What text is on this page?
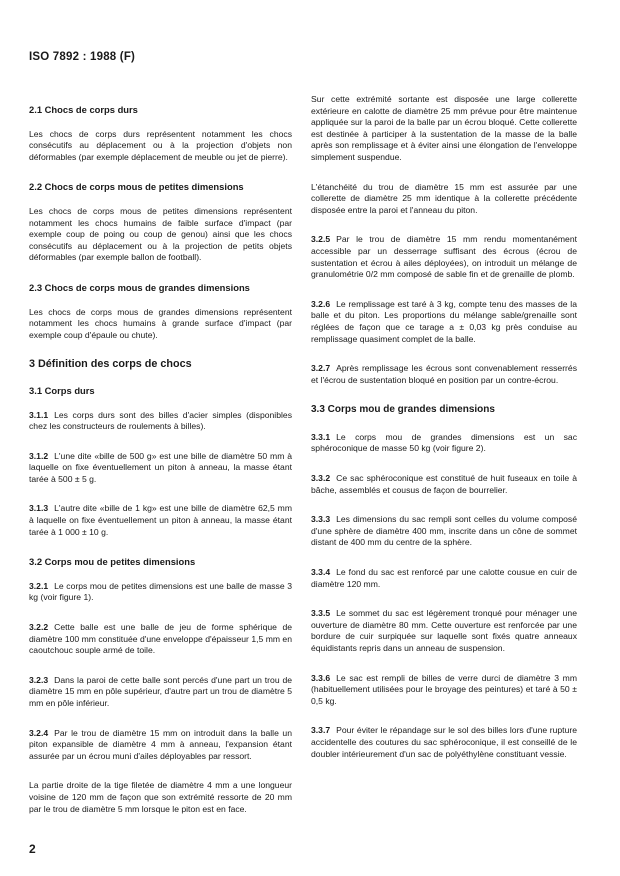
ISO 7892 : 1988 (F)
2.1 Chocs de corps durs
Les chocs de corps durs représentent notamment les chocs consécutifs au déplacement ou à la projection d'objets non déformables (par exemple déplacement de meuble ou jet de pierre).
2.2 Chocs de corps mous de petites dimensions
Les chocs de corps mous de petites dimensions représentent notamment les chocs humains de faible surface d'impact (par exemple coup de poing ou coup de genou) ainsi que les chocs consécutifs au déplacement ou à la projection de petits objets déformables (par exemple ballon de football).
2.3 Chocs de corps mous de grandes dimensions
Les chocs de corps mous de grandes dimensions représentent notamment les chocs humains à grande surface d'impact (par exemple coup d'épaule ou chute).
3 Définition des corps de chocs
3.1 Corps durs
3.1.1 Les corps durs sont des billes d'acier simples (disponibles chez les constructeurs de roulements à billes).
3.1.2 L'une dite «bille de 500 g» est une bille de diamètre 50 mm à laquelle on fixe éventuellement un piton à anneau, la masse étant tarée à 500 ± 5 g.
3.1.3 L'autre dite «bille de 1 kg» est une bille de diamètre 62,5 mm à laquelle on fixe éventuellement un piton à anneau, la masse étant tarée à 1 000 ± 10 g.
3.2 Corps mou de petites dimensions
3.2.1 Le corps mou de petites dimensions est une balle de masse 3 kg (voir figure 1).
3.2.2 Cette balle est une balle de jeu de forme sphérique de diamètre 100 mm constituée d'une enveloppe d'épaisseur 1,5 mm en caoutchouc souple armé de toile.
3.2.3 Dans la paroi de cette balle sont percés d'une part un trou de diamètre 15 mm en pôle supérieur, d'autre part un trou de diamètre 5 mm en pôle inférieur.
3.2.4 Par le trou de diamètre 15 mm on introduit dans la balle un piton expansible de diamètre 4 mm à anneau, l'expansion étant assurée par un écrou muni d'ailes déployables par ressort.
La partie droite de la tige filetée de diamètre 4 mm a une longueur voisine de 120 mm de façon que son extrémité ressorte de 20 mm par le trou de diamètre 5 mm lorsque le piton est en face.
Sur cette extrémité sortante est disposée une large collerette extérieure en calotte de diamètre 25 mm prévue pour être maintenue appliquée sur la paroi de la balle par un écrou bloqué. Cette collerette est destinée à participer à la sustentation de la masse de la balle après son remplissage et à éviter ainsi une élongation de l'enveloppe simplement suspendue.
L'étanchéité du trou de diamètre 15 mm est assurée par une collerette de diamètre 25 mm identique à la collerette précédente disposée entre la paroi et l'anneau du piton.
3.2.5 Par le trou de diamètre 15 mm rendu momentanément accessible par un desserrage suffisant des écrous (écrou de sustentation et écrou à ailes déployées), on introduit un mélange de granulométrie 0/2 mm composé de sable fin et de grenaille de plomb.
3.2.6 Le remplissage est taré à 3 kg, compte tenu des masses de la balle et du piton. Les proportions du mélange sable/grenaille sont réglées de façon que ce tarage a ± 0,03 kg près conduise au remplissage quasiment complet de la balle.
3.2.7 Après remplissage les écrous sont convenablement resserrés et l'écrou de sustentation bloqué en position par un contre-écrou.
3.3 Corps mou de grandes dimensions
3.3.1 Le corps mou de grandes dimensions est un sac sphéroconique de masse 50 kg (voir figure 2).
3.3.2 Ce sac sphéroconique est constitué de huit fuseaux en toile à bâche, assemblés et cousus de façon de bourrelier.
3.3.3 Les dimensions du sac rempli sont celles du volume composé d'une sphère de diamètre 400 mm, inscrite dans un cône de sommet distant de 400 mm du centre de la sphère.
3.3.4 Le fond du sac est renforcé par une calotte cousue en cuir de diamètre 120 mm.
3.3.5 Le sommet du sac est légèrement tronqué pour ménager une ouverture de diamètre 80 mm. Cette ouverture est renforcée par une bordure de cuir surpiquée sur laquelle sont fixés quatre anneaux équidistants repris dans un anneau de suspension.
3.3.6 Le sac est rempli de billes de verre durci de diamètre 3 mm (habituellement utilisées pour le broyage des peintures) et taré à 50 ± 0,5 kg.
3.3.7 Pour éviter le répandage sur le sol des billes lors d'une rupture accidentelle des coutures du sac sphéroconique, il est conseillé de le doubler intérieurement d'un sac de polyéthylène constituant vessie.
2
